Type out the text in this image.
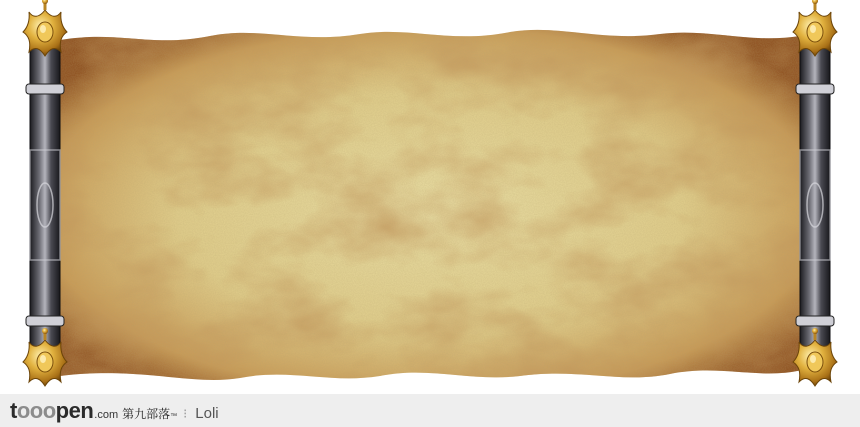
tooopen .com 第九部落 ™ ⁝ Loli
